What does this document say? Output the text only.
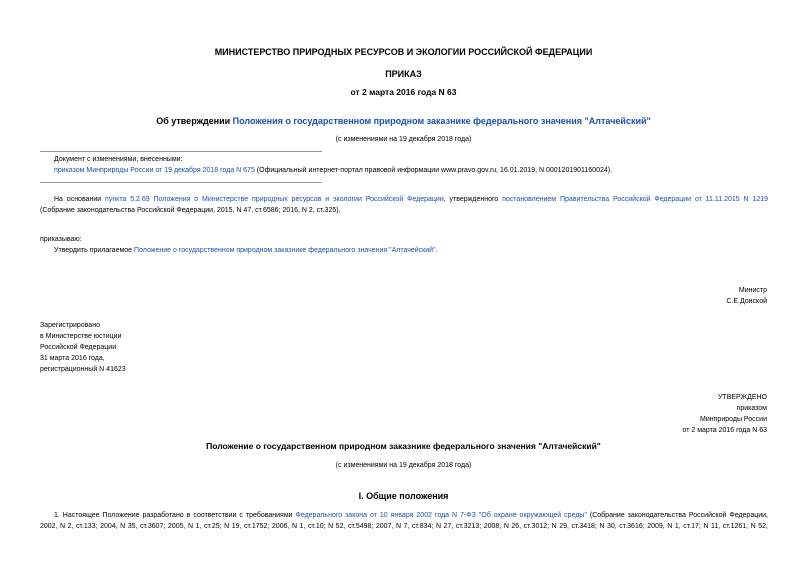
МИНИСТЕРСТВО ПРИРОДНЫХ РЕСУРСОВ И ЭКОЛОГИИ РОССИЙСКОЙ ФЕДЕРАЦИИ
ПРИКАЗ
от 2 марта 2016 года N 63
Об утверждении Положения о государственном природном заказнике федерального значения "Алтачейский"
(с изменениями на 19 декабря 2018 года)
Документ с изменениями, внесенными:
приказом Минприроды России от 19 декабря 2018 года N 675 (Официальный интернет-портал правовой информации www.pravo.gov.ru, 16.01.2019, N 0001201901160024).
На основании пункта 5.2.69 Положения о Министерстве природных ресурсов и экологии Российской Федерации, утвержденного постановлением Правительства Российской Федерации от 11.11.2015 N 1219
(Собрание законодательства Российской Федерации, 2015, N 47, ст.6586; 2016, N 2, ст.325),
приказываю:
Утвердить прилагаемое Положение о государственном природном заказнике федерального значения "Алтачейский".
Министр
С.Е.Донской
Зарегистрировано
в Министерстве юстиции
Российской Федерации
31 марта 2016 года,
регистрационный N 41623
УТВЕРЖДЕНО
приказом
Минприроды России
от 2 марта 2016 года N 63
Положение о государственном природном заказнике федерального значения "Алтачейский"
(с изменениями на 19 декабря 2018 года)
I. Общие положения
1. Настоящее Положение разработано в соответствии с требованиями Федерального закона от 10 января 2002 года N 7-ФЗ "Об охране окружающей среды" (Собрание законодательства Российской Федерации,
2002, N 2, ст.133; 2004, N 35, ст.3607; 2005, N 1, ст.25; N 19, ст.1752; 2006, N 1, ст.10; N 52, ст.5498; 2007, N 7, ст.834; N 27, ст.3213; 2008, N 26, ст.3012; N 29, ст.3418; N 30, ст.3616; 2009, N 1, ст.17; N 11, ст.1261; N 52,
